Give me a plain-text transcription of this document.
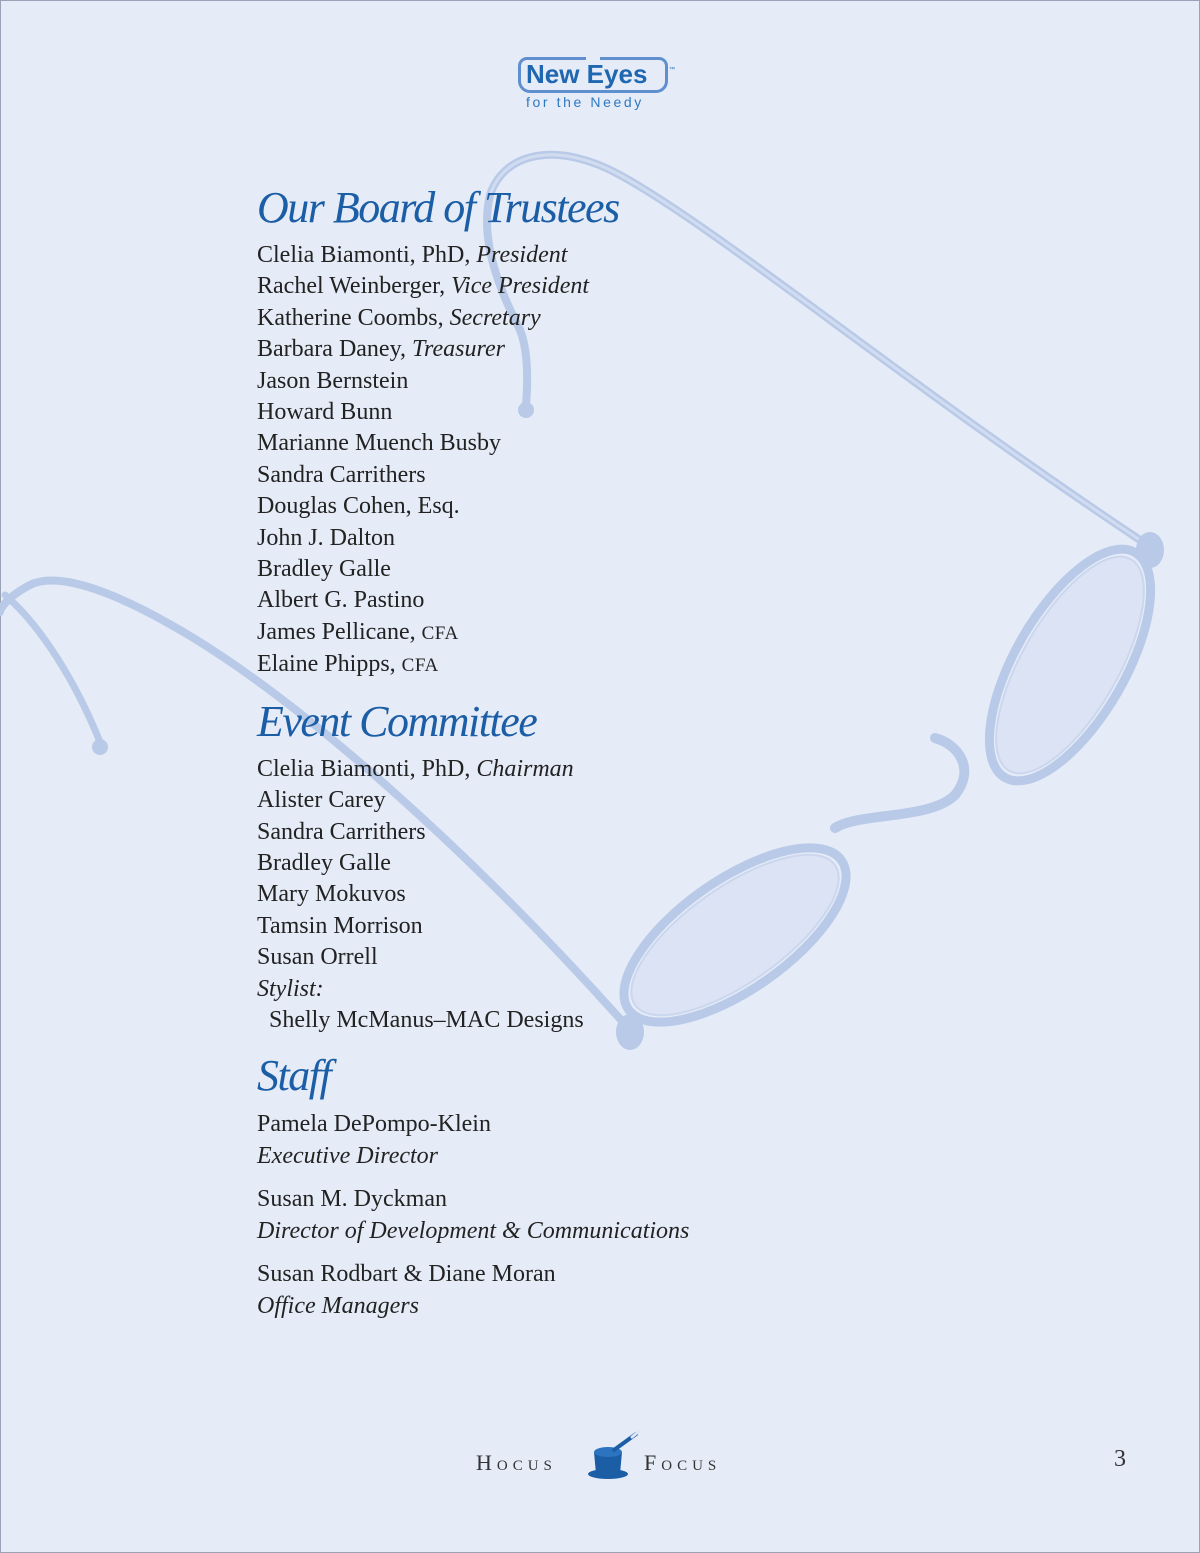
New Eyes	™
for the Needy
Our Board of Trustees
Clelia Biamonti, PhD, President
Rachel Weinberger, Vice President
Katherine Coombs, Secretary
Barbara Daney, Treasurer
Jason Bernstein
Howard Bunn
Marianne Muench Busby
Sandra Carrithers
Douglas Cohen, Esq.
John J. Dalton
Bradley Galle
Albert G. Pastino
James Pellicane, CFA
Elaine Phipps, CFA
Event Committee
Clelia Biamonti, PhD, Chairman
Alister Carey
Sandra Carrithers
Bradley Galle
Mary Mokuvos
Tamsin Morrison
Susan Orrell
Stylist:
Shelly McManus–MAC Designs
Staff
Pamela DePompo-Klein
Executive Director
Susan M. Dyckman
Director of Development & Communications
Susan Rodbart & Diane Moran
Office Managers
Hocus	Focus	3
